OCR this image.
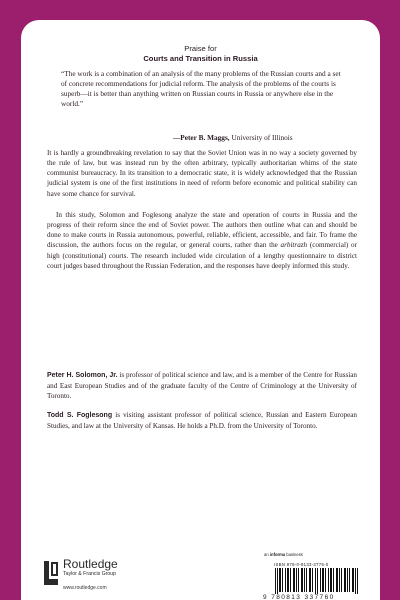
Praise for
Courts and Transition in Russia
“The work is a combination of an analysis of the many problems of the Russian courts and a set of concrete recommendations for judicial reform. The analysis of the problems of the courts is superb—it is better than anything written on Russian courts in Russia or anywhere else in the world.”
—Peter B. Maggs, University of Illinois
It is hardly a groundbreaking revelation to say that the Soviet Union was in no way a society governed by the rule of law, but was instead run by the often arbitrary, typically authoritarian whims of the state communist bureaucracy. In its transition to a democratic state, it is widely acknowledged that the Russian judicial system is one of the first institutions in need of reform before economic and political stability can have some chance for survival.
In this study, Solomon and Foglesong analyze the state and operation of courts in Russia and the progress of their reform since the end of Soviet power. The authors then outline what can and should be done to make courts in Russia autonomous, powerful, reliable, efficient, accessible, and fair. To frame the discussion, the authors focus on the regular, or general courts, rather than the arbitrazh (commercial) or high (constitutional) courts. The research included wide circulation of a lengthy questionnaire to district court judges based throughout the Russian Federation, and the responses have deeply informed this study.
Peter H. Solomon, Jr. is professor of political science and law, and is a member of the Centre for Russian and East European Studies and of the graduate faculty of the Centre of Criminology at the University of Toronto.
Todd S. Foglesong is visiting assistant professor of political science, Russian and Eastern European Studies, and law at the University of Kansas. He holds a Ph.D. from the University of Toronto.
an informa business
ISBN 978-0-8133-3776-0
9 780813 337760
Routledge
Taylor & Francis Group
www.routledge.com
